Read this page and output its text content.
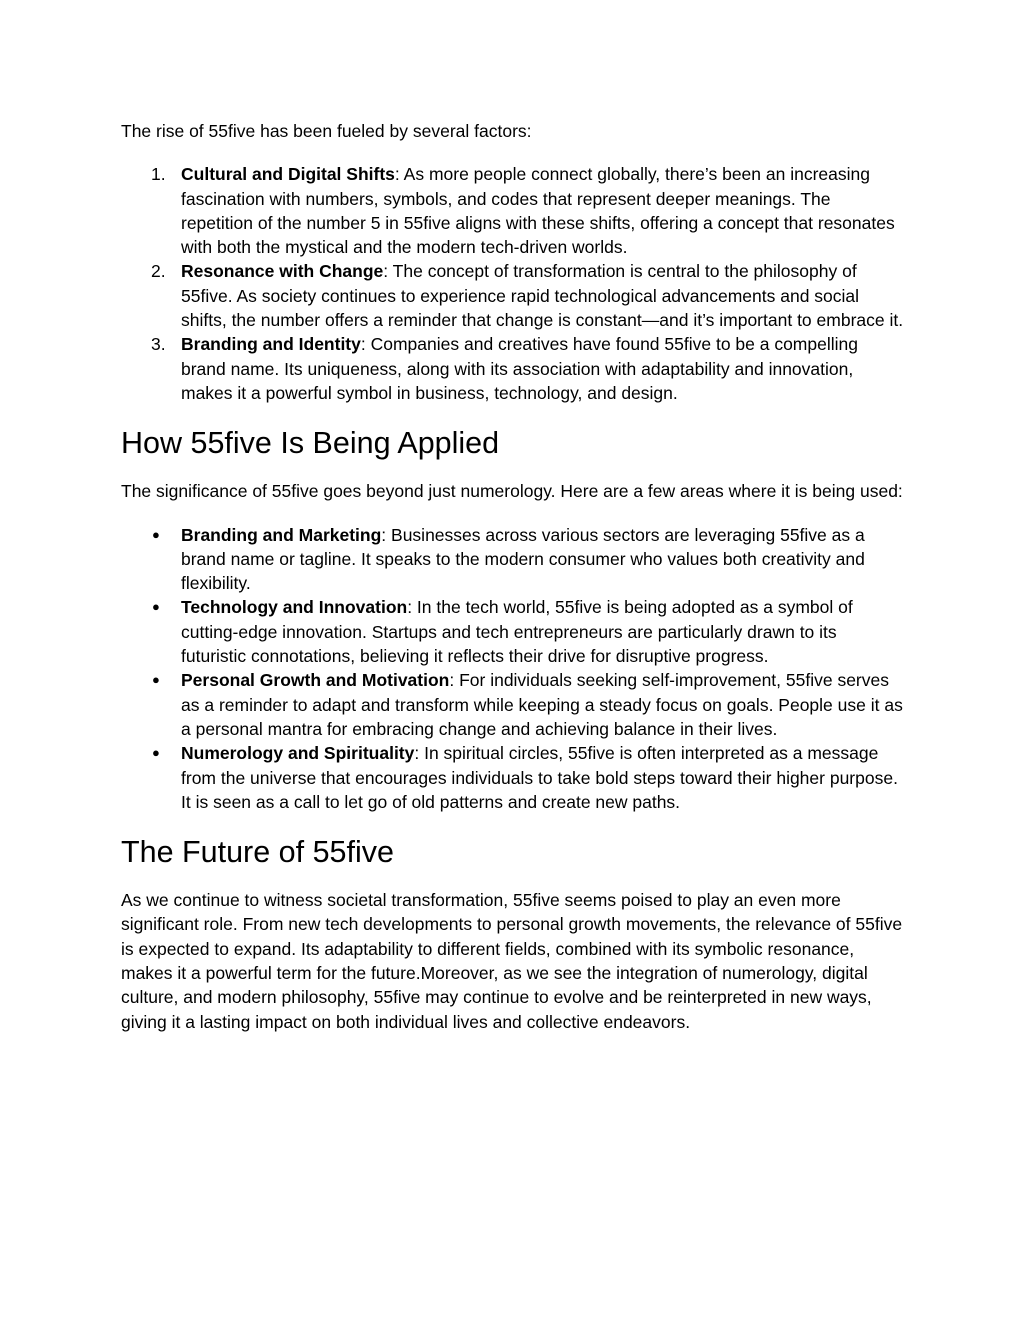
The rise of 55five has been fueled by several factors:

1. Cultural and Digital Shifts: As more people connect globally, there’s been an increasing fascination with numbers, symbols, and codes that represent deeper meanings. The repetition of the number 5 in 55five aligns with these shifts, offering a concept that resonates with both the mystical and the modern tech-driven worlds.
2. Resonance with Change: The concept of transformation is central to the philosophy of 55five. As society continues to experience rapid technological advancements and social shifts, the number offers a reminder that change is constant—and it’s important to embrace it.
3. Branding and Identity: Companies and creatives have found 55five to be a compelling brand name. Its uniqueness, along with its association with adaptability and innovation, makes it a powerful symbol in business, technology, and design.
How 55five Is Being Applied

The significance of 55five goes beyond just numerology. Here are a few areas where it is being used:

● Branding and Marketing: Businesses across various sectors are leveraging 55five as a brand name or tagline. It speaks to the modern consumer who values both creativity and flexibility.
● Technology and Innovation: In the tech world, 55five is being adopted as a symbol of cutting-edge innovation. Startups and tech entrepreneurs are particularly drawn to its futuristic connotations, believing it reflects their drive for disruptive progress.
● Personal Growth and Motivation: For individuals seeking self-improvement, 55five serves as a reminder to adapt and transform while keeping a steady focus on goals. People use it as a personal mantra for embracing change and achieving balance in their lives.
● Numerology and Spirituality: In spiritual circles, 55five is often interpreted as a message from the universe that encourages individuals to take bold steps toward their higher purpose. It is seen as a call to let go of old patterns and create new paths.
The Future of 55five

As we continue to witness societal transformation, 55five seems poised to play an even more significant role. From new tech developments to personal growth movements, the relevance of 55five is expected to expand. Its adaptability to different fields, combined with its symbolic resonance, makes it a powerful term for the future.Moreover, as we see the integration of numerology, digital culture, and modern philosophy, 55five may continue to evolve and be reinterpreted in new ways, giving it a lasting impact on both individual lives and collective endeavors.
